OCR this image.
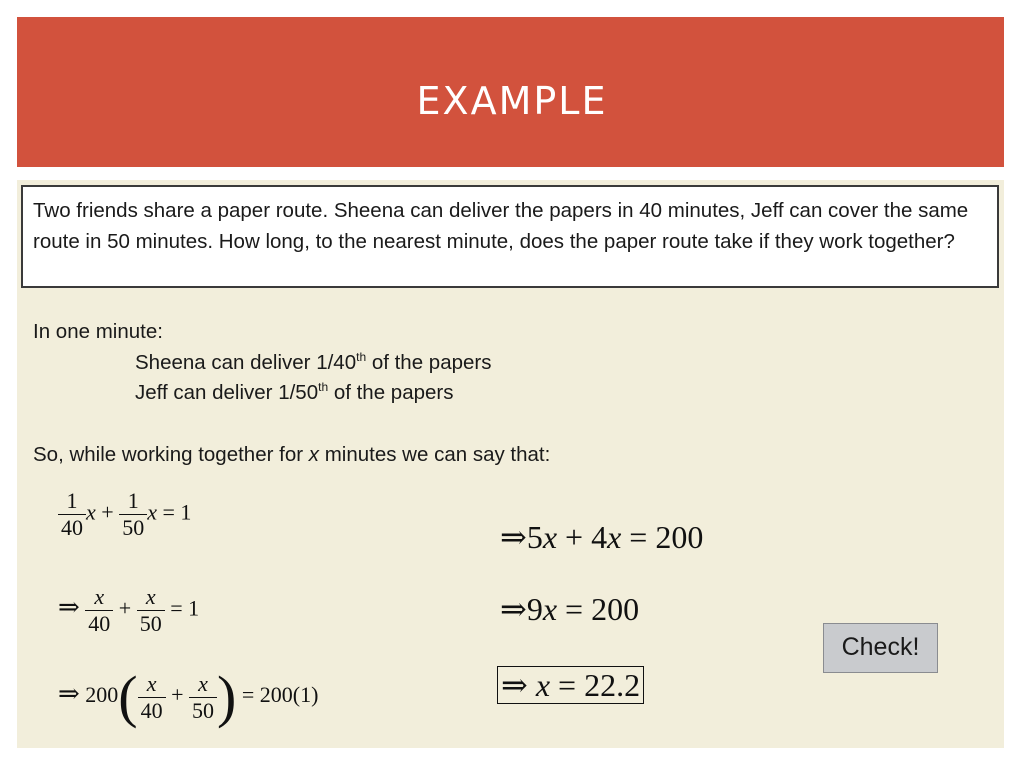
EXAMPLE
Two friends share a paper route. Sheena can deliver the papers in 40 minutes, Jeff can cover the same route in 50 minutes. How long, to the nearest minute, does the paper route take if they work together?
In one minute:
Sheena can deliver 1/40th of the papers
Jeff can deliver 1/50th of the papers
So, while working together for x minutes we can say that:
$\frac{1}{40}$ $x + \frac{1}{50}$ x = 1
⇒ $\frac{x}{40} + \frac{x}{50} = 1$
⇒ $200( \frac{x}{40} + \frac{x}{50}$ ) = 200(1)
⇒5x + 4x = 200
⇒9x = 200
⇒ x = 22.2
Check!
